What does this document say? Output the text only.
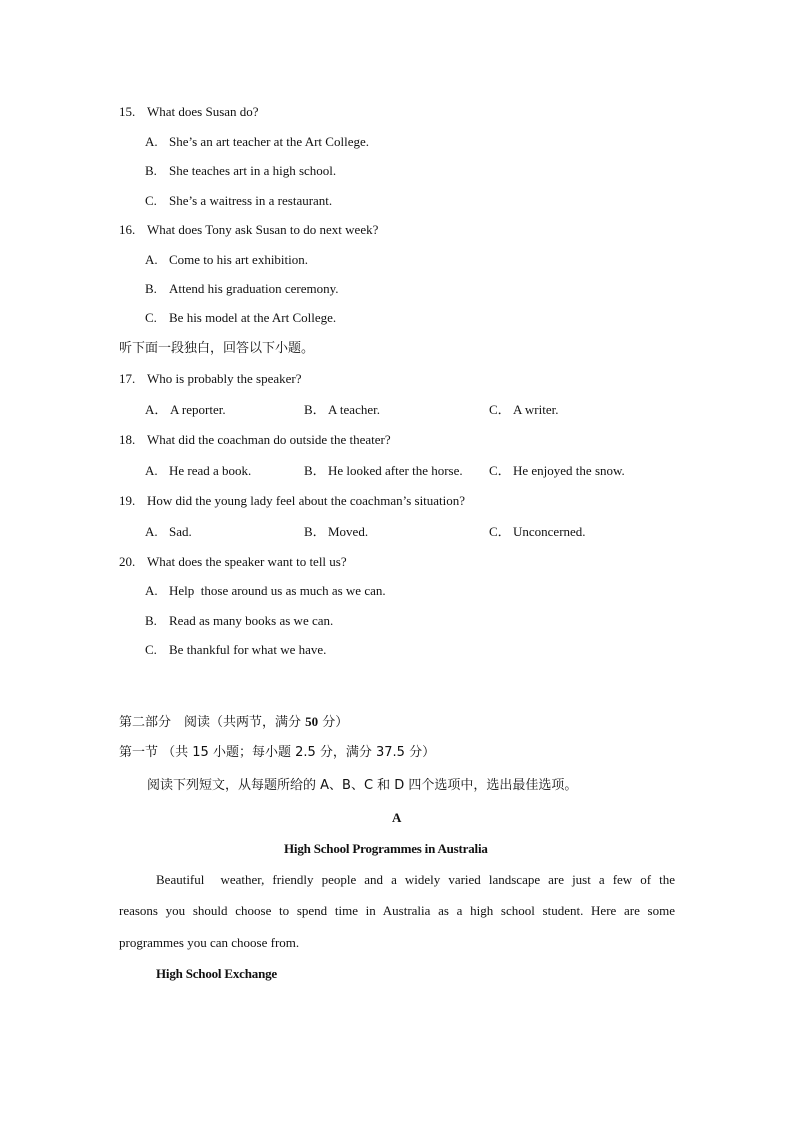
15. What does Susan do?
A. She’s an art teacher at the Art College.
B. She teaches art in a high school.
C. She’s a waitress in a restaurant.
16. What does Tony ask Susan to do next week?
A. Come to his art exhibition.
B. Attend his graduation ceremony.
C. Be his model at the Art College.
听下面一段独白，回答以下小题。
17. Who is probably the speaker?
A． A reporter.	B． A teacher.	C． A writer.
18. What did the coachman do outside the theater?
A. He read a book.	B． He looked after the horse. C． He enjoyed the snow.
19. How did the young lady feel about the coachman’s situation?
A. Sad.	B． Moved.	C． Unconcerned.
20. What does the speaker want to tell us?
A. Help  those around us as much as we can.
B. Read as many books as we can.
C. Be thankful for what we have.
第二部分　阅读（共两节，满分 50 分）
第一节 （共 15 小题；每小题 2.5 分，满分 37.5 分）
阅读下列短文，从每题所给的 A、B、C 和 D 四个选项中，选出最佳选项。
A
High School Programmes in Australia
Beautiful  weather, friendly people and a widely varied landscape are just a few of the
reasons you should choose to spend time in Australia as a high school student. Here are some
programmes you can choose from.
High School Exchange
